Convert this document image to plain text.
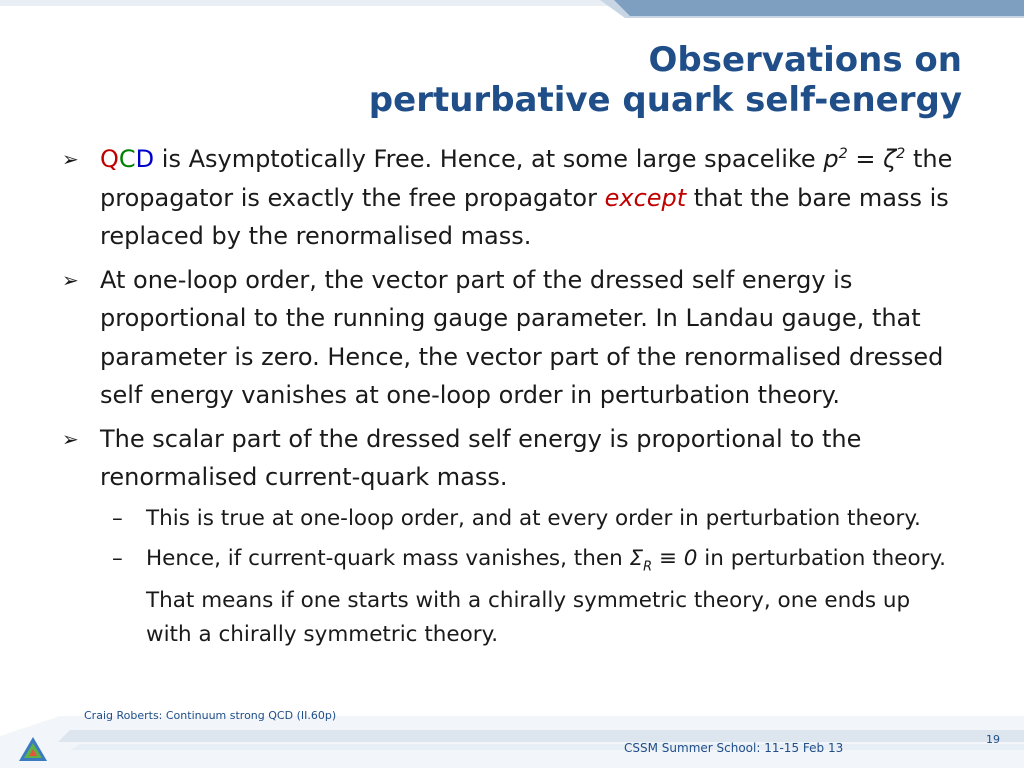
Observations on
perturbative quark self-energy
➢ QCD is Asymptotically Free. Hence, at some large spacelike $p^2 = \zeta^2$ the propagator is exactly the free propagator except that the bare mass is replaced by the renormalised mass.
➢ At one-loop order, the vector part of the dressed self energy is proportional to the running gauge parameter. In Landau gauge, that parameter is zero. Hence, the vector part of the renormalised dressed self energy vanishes at one-loop order in perturbation theory.
➢ The scalar part of the dressed self energy is proportional to the renormalised current-quark mass.
– This is true at one-loop order, and at every order in perturbation theory.
– Hence, if current-quark mass vanishes, then $\Sigma_R \equiv 0$ in perturbation theory. That means if one starts with a chirally symmetric theory, one ends up with a chirally symmetric theory.
Craig Roberts: Continuum strong QCD (II.60p)
CSSM Summer School: 11-15 Feb 13
19
